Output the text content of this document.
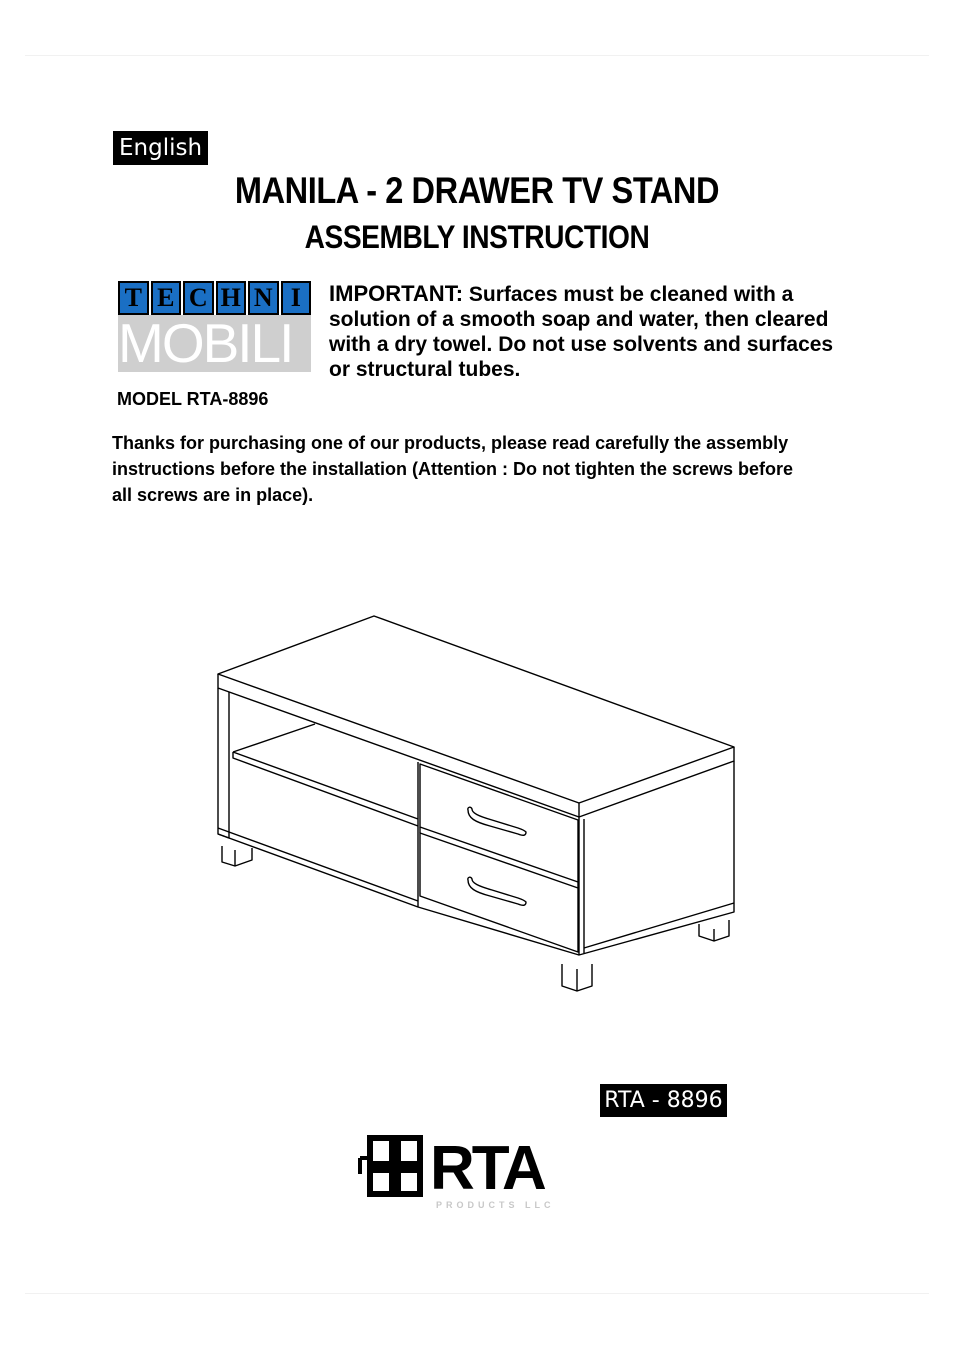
English
MANILA - 2 DRAWER TV STAND
ASSEMBLY INSTRUCTION
T E C H N I
MOBILI
IMPORTANT: Surfaces must be cleaned with a
solution of a smooth soap and water, then cleared
with a dry towel. Do not use solvents and surfaces
or structural tubes.
MODEL RTA-8896
Thanks for purchasing one of our products, please read carefully the assembly
instructions before the installation (Attention : Do not tighten the screws before
all screws are in place).
RTA - 8896
RTA
PRODUCTS LLC
